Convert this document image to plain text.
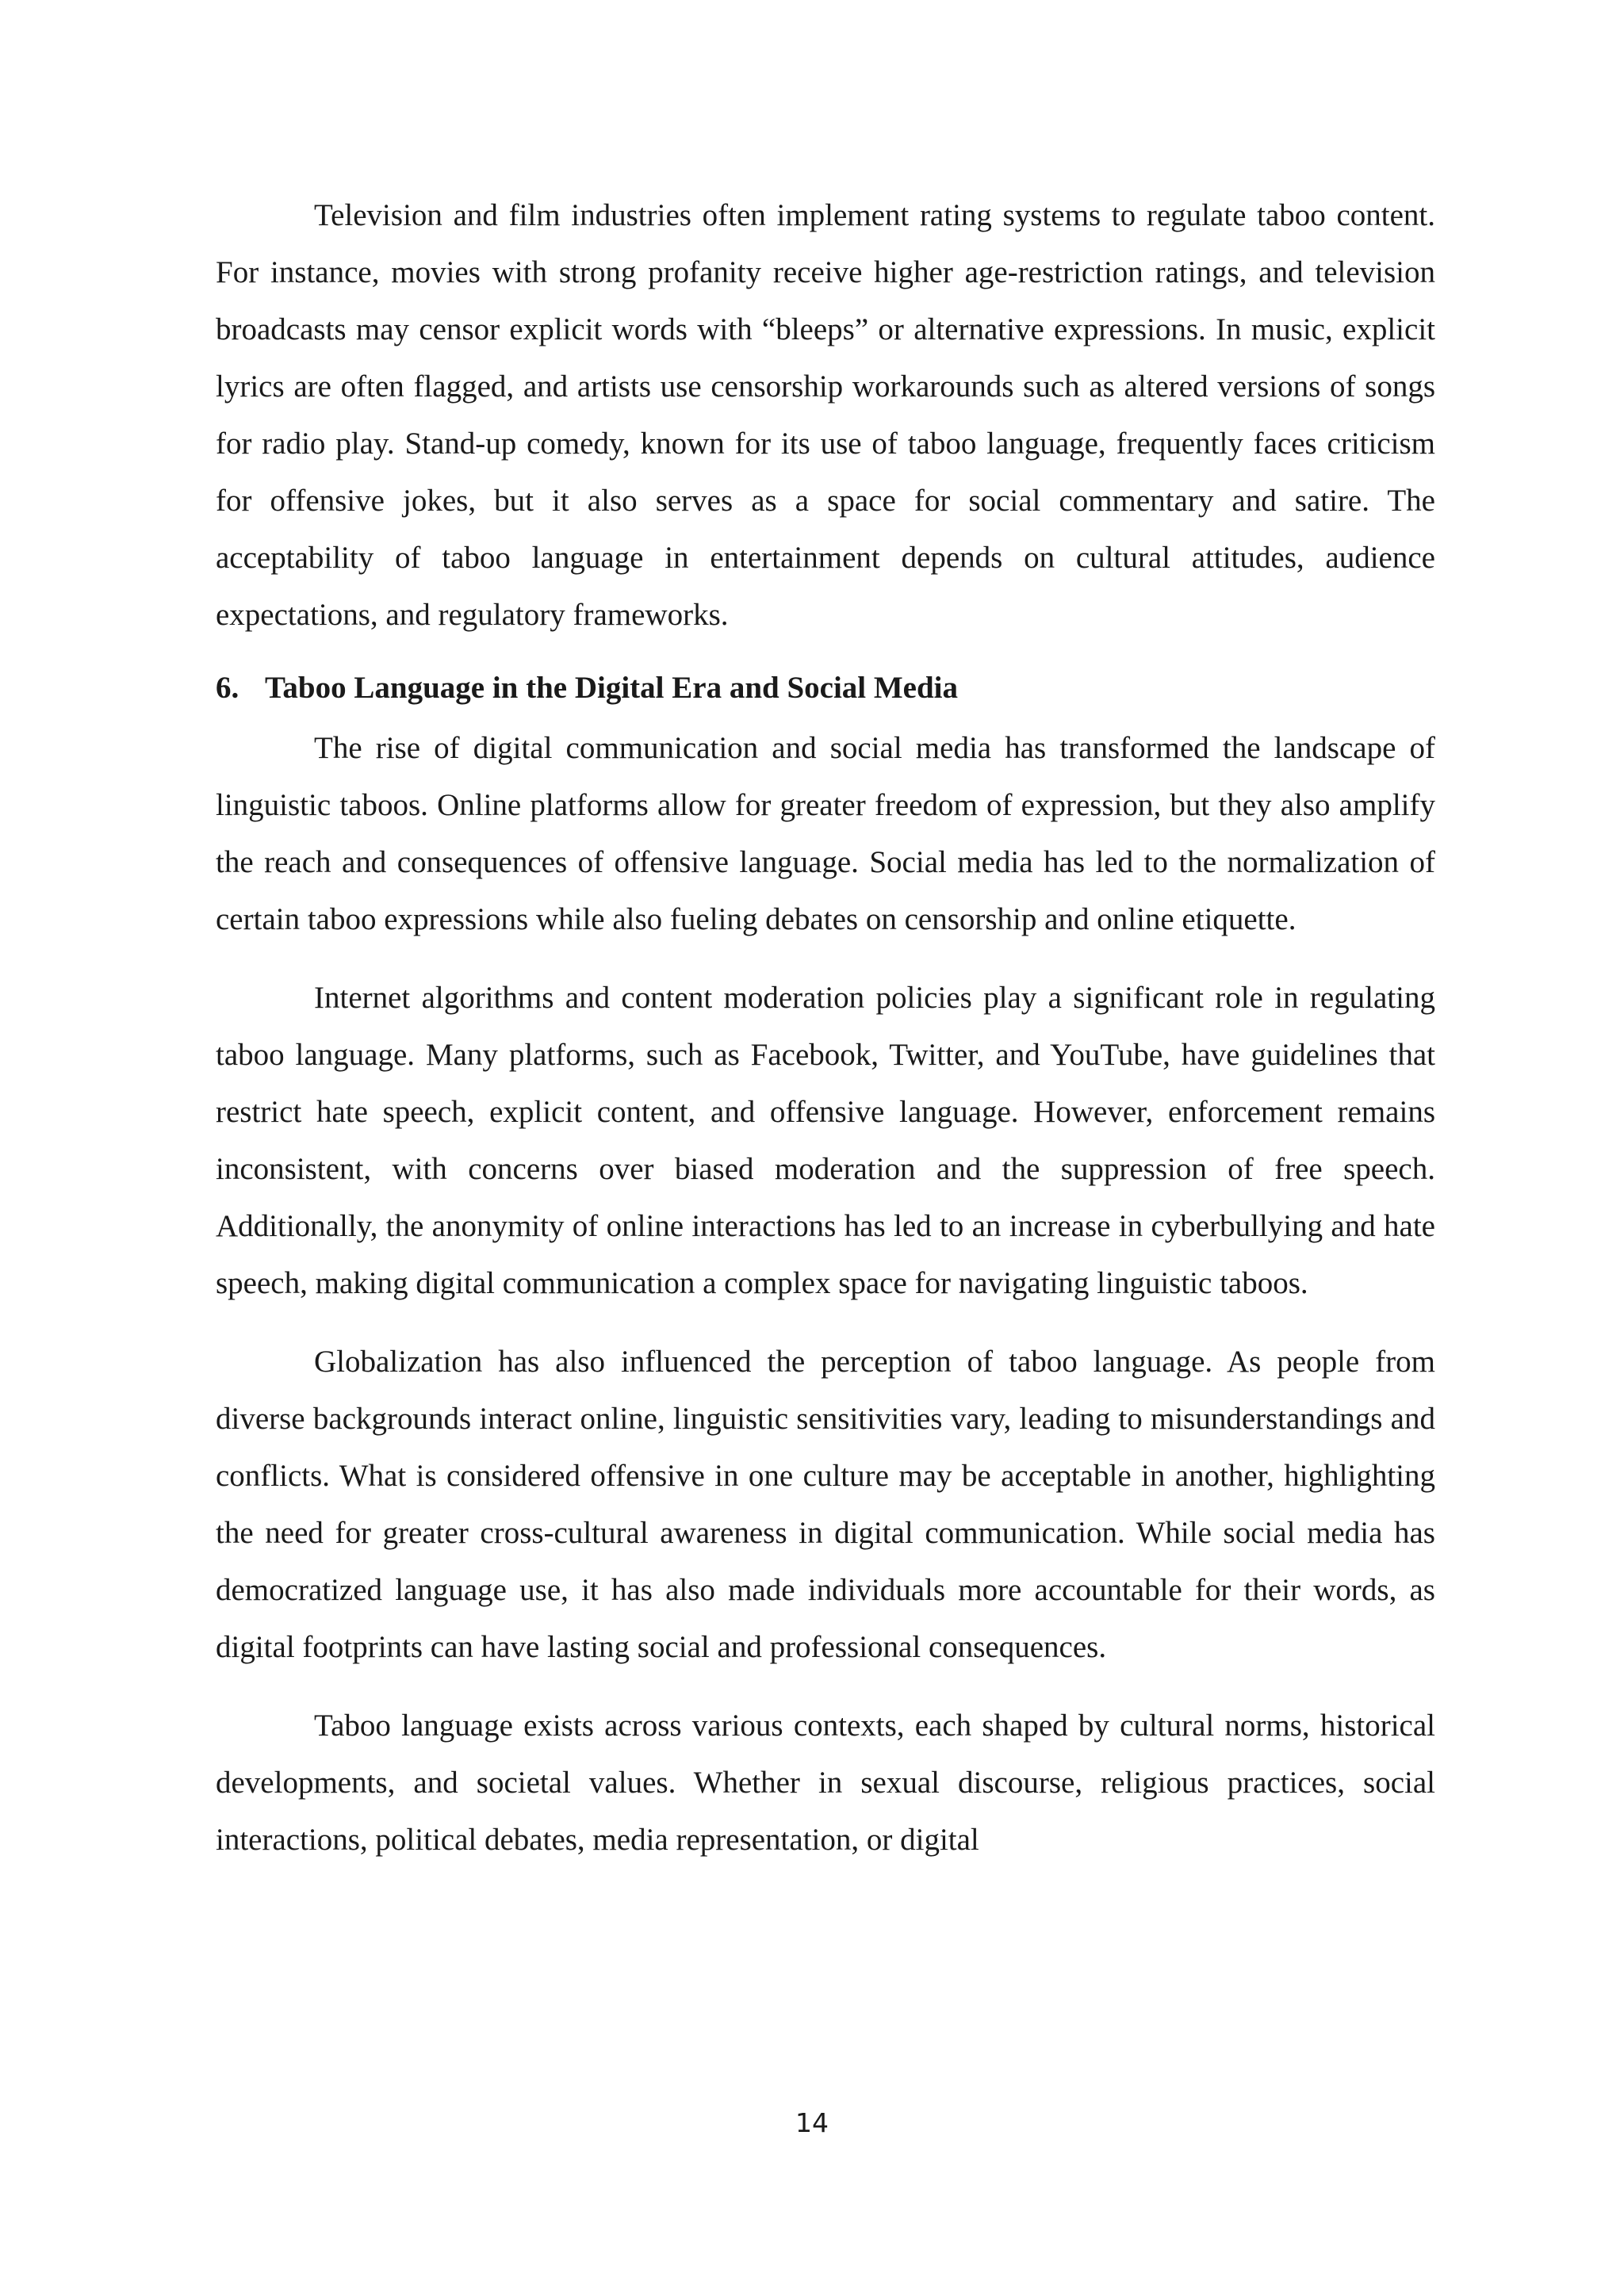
Television and film industries often implement rating systems to regulate taboo content. For instance, movies with strong profanity receive higher age-restriction ratings, and television broadcasts may censor explicit words with “bleeps” or alternative expressions. In music, explicit lyrics are often flagged, and artists use censorship workarounds such as altered versions of songs for radio play. Stand-up comedy, known for its use of taboo language, frequently faces criticism for offensive jokes, but it also serves as a space for social commentary and satire. The acceptability of taboo language in entertainment depends on cultural attitudes, audience expectations, and regulatory frameworks.

6. Taboo Language in the Digital Era and Social Media

The rise of digital communication and social media has transformed the landscape of linguistic taboos. Online platforms allow for greater freedom of expression, but they also amplify the reach and consequences of offensive language. Social media has led to the normalization of certain taboo expressions while also fueling debates on censorship and online etiquette.

Internet algorithms and content moderation policies play a significant role in regulating taboo language. Many platforms, such as Facebook, Twitter, and YouTube, have guidelines that restrict hate speech, explicit content, and offensive language. However, enforcement remains inconsistent, with concerns over biased moderation and the suppression of free speech. Additionally, the anonymity of online interactions has led to an increase in cyberbullying and hate speech, making digital communication a complex space for navigating linguistic taboos.

Globalization has also influenced the perception of taboo language. As people from diverse backgrounds interact online, linguistic sensitivities vary, leading to misunderstandings and conflicts. What is considered offensive in one culture may be acceptable in another, highlighting the need for greater cross-cultural awareness in digital communication. While social media has democratized language use, it has also made individuals more accountable for their words, as digital footprints can have lasting social and professional consequences.

Taboo language exists across various contexts, each shaped by cultural norms, historical developments, and societal values. Whether in sexual discourse, religious practices, social interactions, political debates, media representation, or digital

14
